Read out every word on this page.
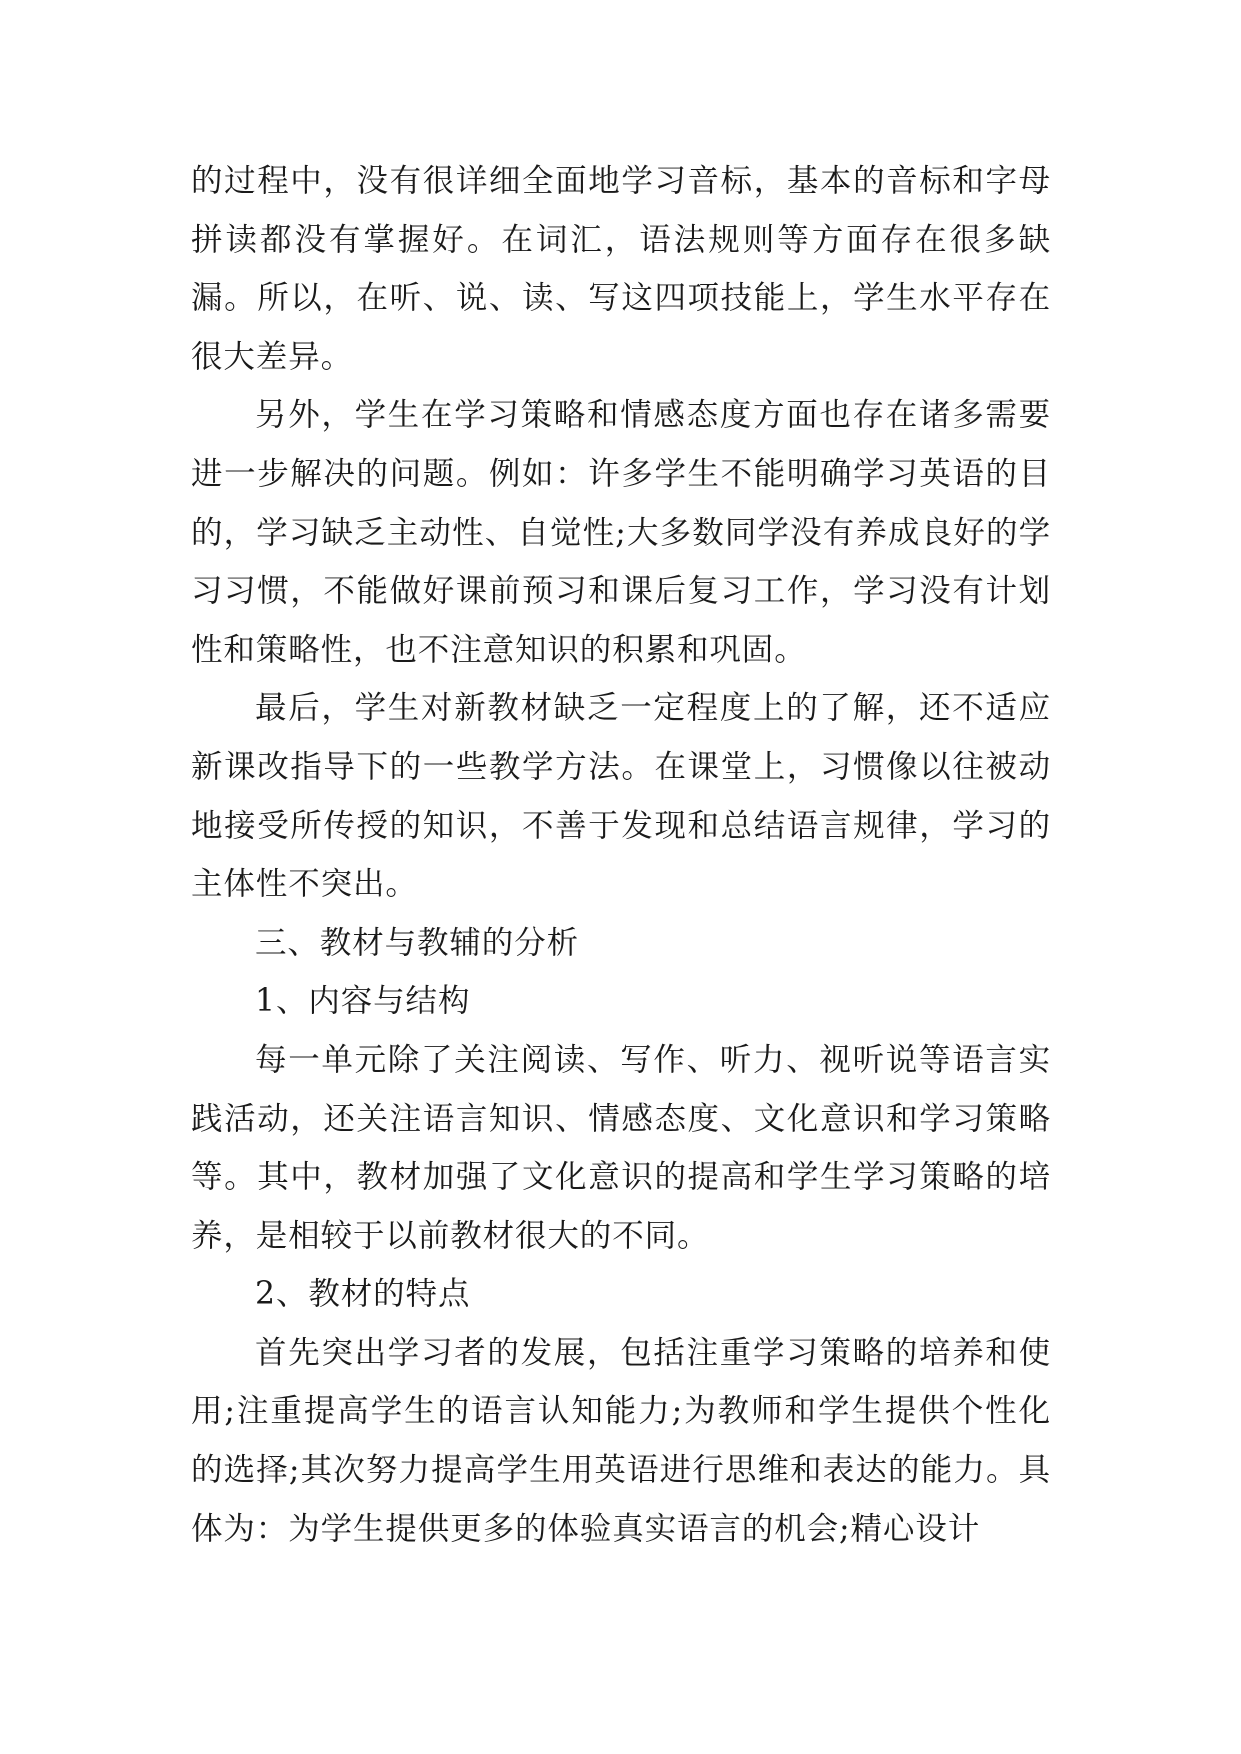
的过程中，没有很详细全面地学习音标，基本的音标和字母拼读都没有掌握好。在词汇，语法规则等方面存在很多缺漏。所以，在听、说、读、写这四项技能上，学生水平存在很大差异。

另外，学生在学习策略和情感态度方面也存在诸多需要进一步解决的问题。例如：许多学生不能明确学习英语的目的，学习缺乏主动性、自觉性;大多数同学没有养成良好的学习习惯，不能做好课前预习和课后复习工作，学习没有计划性和策略性，也不注意知识的积累和巩固。

最后，学生对新教材缺乏一定程度上的了解，还不适应新课改指导下的一些教学方法。在课堂上，习惯像以往被动地接受所传授的知识，不善于发现和总结语言规律，学习的主体性不突出。

三、教材与教辅的分析

1、内容与结构

每一单元除了关注阅读、写作、听力、视听说等语言实践活动，还关注语言知识、情感态度、文化意识和学习策略等。其中，教材加强了文化意识的提高和学生学习策略的培养，是相较于以前教材很大的不同。

2、教材的特点

首先突出学习者的发展，包括注重学习策略的培养和使用;注重提高学生的语言认知能力;为教师和学生提供个性化的选择;其次努力提高学生用英语进行思维和表达的能力。具体为：为学生提供更多的体验真实语言的机会;精心设计
